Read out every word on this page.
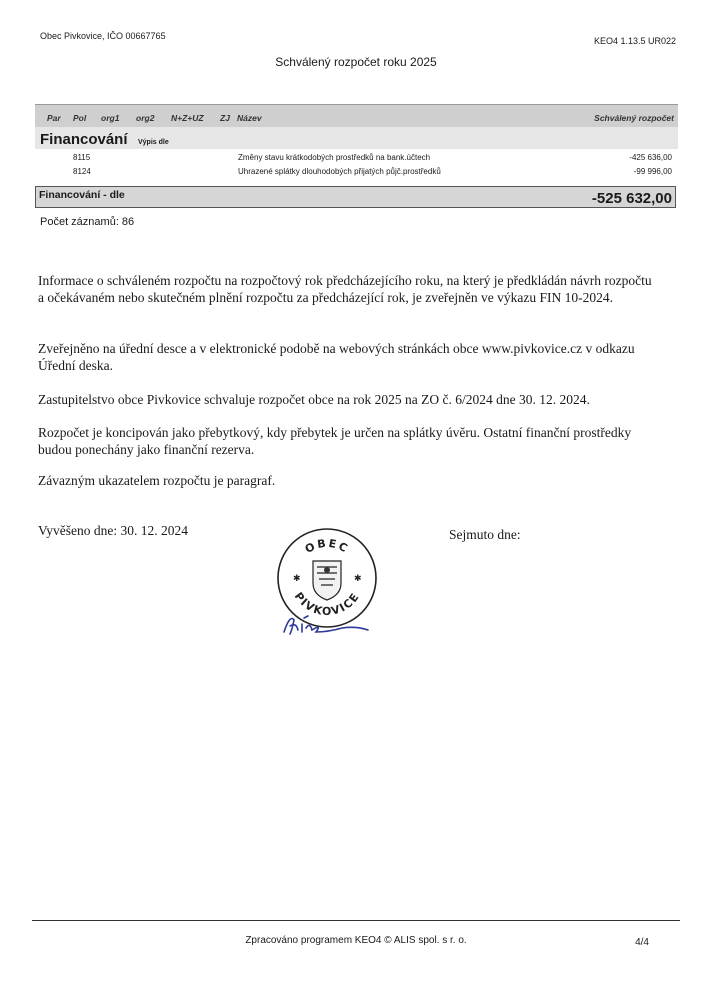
Obec Pivkovice, IČO 00667765	KEO4 1.13.5 UR022
Schválený rozpočet roku 2025
Par Pol org1 org2 N+Z+UZ ZJ Název	Schválený rozpočet
Financování Výpis dle
8115	Změny stavu krátkodobých prostředků na bank.účtech	-425 636,00
8124	Uhrazené splátky dlouhodobých přijatých půjč.prostředků	-99 996,00
Financování - dle	-525 632,00
Počet záznamů: 86
Informace o schváleném rozpočtu na rozpočtový rok předcházejícího roku, na který je předkládán návrh rozpočtu a očekávaném nebo skutečném plnění rozpočtu za předcházející rok, je zveřejněn ve výkazu FIN 10-2024.
Zveřejněno na úřední desce a v elektronické podobě na webových stránkách obce www.pivkovice.cz v odkazu Úřední deska.
Zastupitelstvo obce Pivkovice schvaluje rozpočet obce na rok 2025 na ZO č. 6/2024 dne 30. 12. 2024.
Rozpočet je koncipován jako přebytkový, kdy přebytek je určen na splátky úvěru. Ostatní finanční prostředky budou ponechány jako finanční rezerva.
Závazným ukazatelem rozpočtu je paragraf.
Vyvěšeno dne: 30. 12. 2024	Sejmuto dne:
OBEC
PIVKOVICE
✱	✱
Zpracováno programem KEO4 © ALIS spol. s r. o.	4/4
